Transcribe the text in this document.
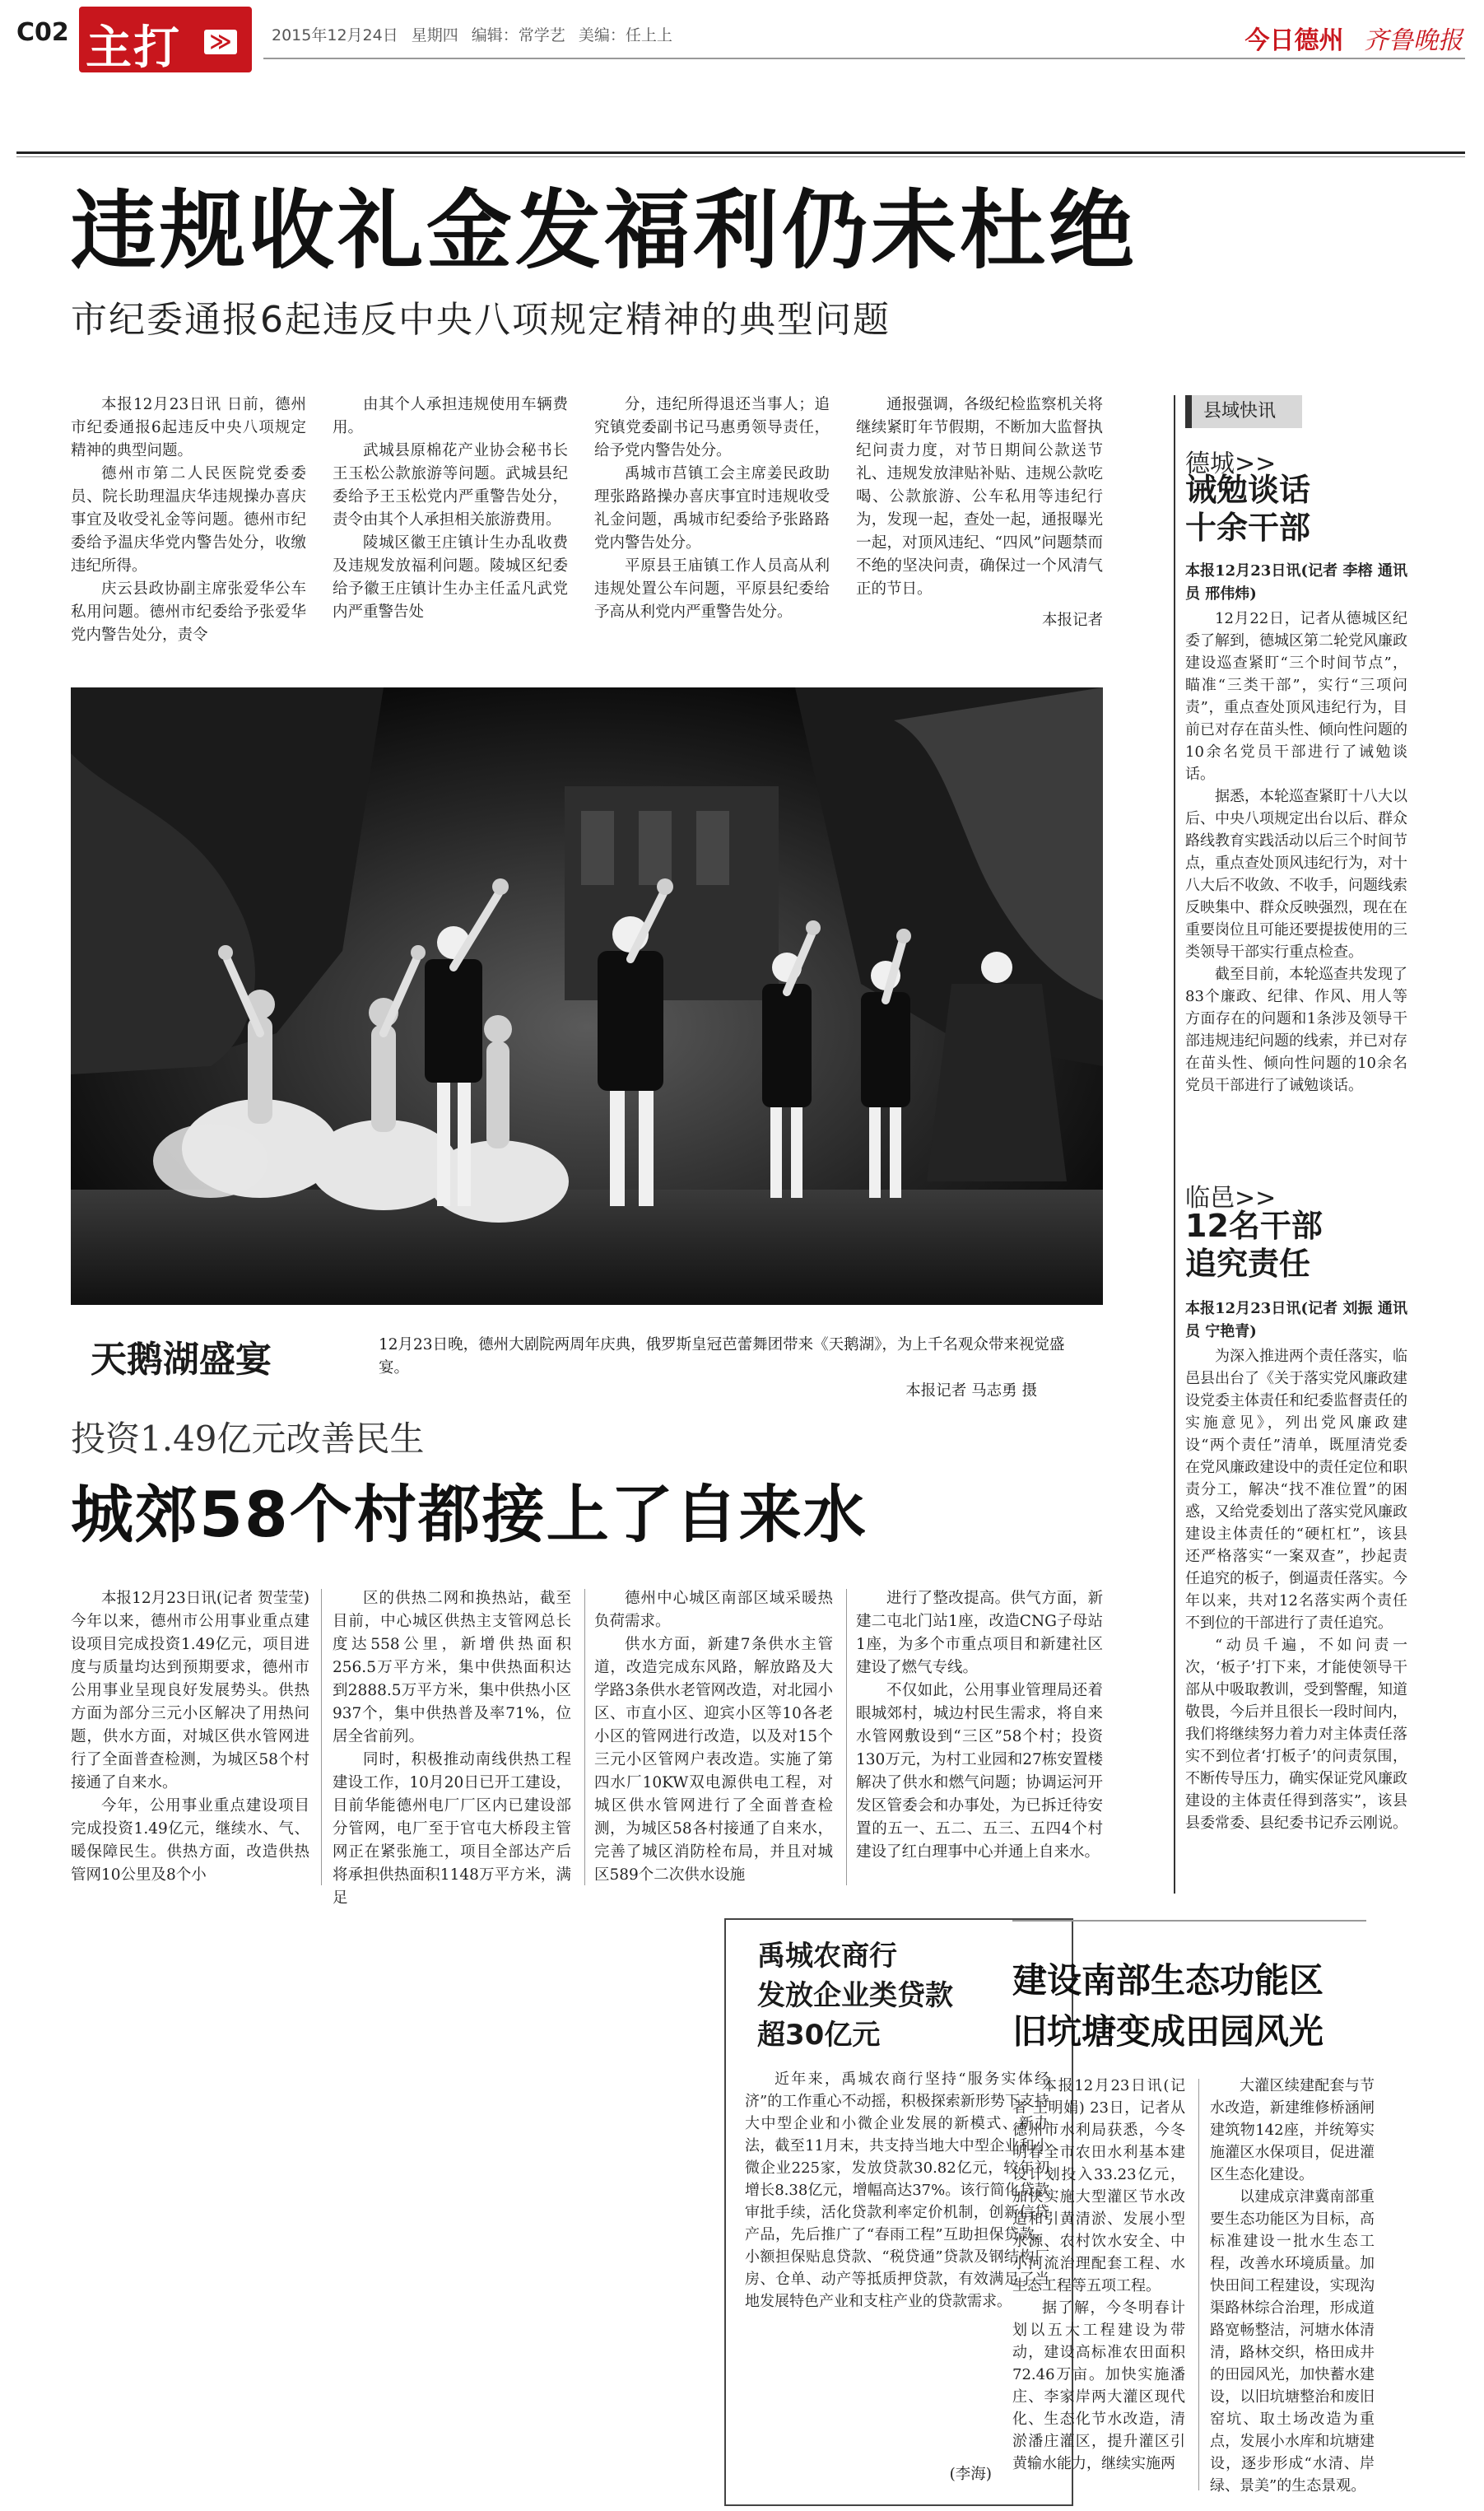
C02 主打 ≫	2015年12月24日 星期四 编辑：常学艺 美编：任上上	今日德州 齐鲁晚报
违规收礼金发福利仍未杜绝
市纪委通报6起违反中央八项规定精神的典型问题

本报12月23日讯 日前，德州市纪委通报6起违反中央八项规定精神的典型问题。

德州市第二人民医院党委委员、院长助理温庆华违规操办喜庆事宜及收受礼金等问题。德州市纪委给予温庆华党内警告处分，收缴违纪所得。

庆云县政协副主席张爱华公车私用问题。德州市纪委给予张爱华党内警告处分，责令

由其个人承担违规使用车辆费用。

武城县原棉花产业协会秘书长王玉松公款旅游等问题。武城县纪委给予王玉松党内严重警告处分，责令由其个人承担相关旅游费用。

陵城区徽王庄镇计生办乱收费及违规发放福利问题。陵城区纪委给予徽王庄镇计生办主任孟凡武党内严重警告处

分，违纪所得退还当事人；追究镇党委副书记马惠勇领导责任，给予党内警告处分。

禹城市莒镇工会主席姜民政助理张路路操办喜庆事宜时违规收受礼金问题，禹城市纪委给予张路路党内警告处分。

平原县王庙镇工作人员高从利违规处置公车问题，平原县纪委给予高从利党内严重警告处分。

通报强调，各级纪检监察机关将继续紧盯年节假期，不断加大监督执纪问责力度，对节日期间公款送节礼、违规发放津贴补贴、违规公款吃喝、公款旅游、公车私用等违纪行为，发现一起，查处一起，通报曝光一起，对顶风违纪、“四风”问题禁而不绝的坚决问责，确保过一个风清气正的节日。

本报记者
天鹅湖盛宴	12月23日晚，德州大剧院两周年庆典，俄罗斯皇冠芭蕾舞团带来《天鹅湖》，为上千名观众带来视觉盛宴。
本报记者 马志勇 摄
投资1.49亿元改善民生
城郊58个村都接上了自来水

本报12月23日讯(记者 贺莹莹) 今年以来，德州市公用事业重点建设项目完成投资1.49亿元，项目进度与质量均达到预期要求，德州市公用事业呈现良好发展势头。供热方面为部分三元小区解决了用热问题，供水方面，对城区供水管网进行了全面普查检测，为城区58个村接通了自来水。

今年，公用事业重点建设项目完成投资1.49亿元，继续水、气、暖保障民生。供热方面，改造供热管网10公里及8个小

区的供热二网和换热站，截至目前，中心城区供热主支管网总长度达558公里，新增供热面积256.5万平方米，集中供热面积达到2888.5万平方米，集中供热小区937个，集中供热普及率71%，位居全省前列。

同时，积极推动南线供热工程建设工作，10月20日已开工建设，目前华能德州电厂厂区内已建设部分管网，电厂至于官屯大桥段主管网正在紧张施工，项目全部达产后将承担供热面积1148万平方米，满足

德州中心城区南部区域采暖热负荷需求。

供水方面，新建7条供水主管道，改造完成东风路，解放路及大学路3条供水老管网改造，对北园小区、市直小区、迎宾小区等10各老小区的管网进行改造，以及对15个三元小区管网户表改造。实施了第四水厂10KW双电源供电工程，对城区供水管网进行了全面普查检测，为城区58各村接通了自来水，完善了城区消防栓布局，并且对城区589个二次供水设施

进行了整改提高。供气方面，新建二屯北门站1座，改造CNG子母站1座，为多个市重点项目和新建社区建设了燃气专线。

不仅如此，公用事业管理局还着眼城郊村，城边村民生需求，将自来水管网敷设到“三区”58个村；投资130万元，为村工业园和27栋安置楼解决了供水和燃气问题；协调运河开发区管委会和办事处，为已拆迁待安置的五一、五二、五三、五四4个村建设了红白理事中心并通上自来水。

禹城农商行
发放企业类贷款
超30亿元

近年来，禹城农商行坚持“服务实体经济”的工作重心不动摇，积极探索新形势下支持大中型企业和小微企业发展的新模式、新办法，截至11月末，共支持当地大中型企业和小微企业225家，发放贷款30.82亿元，较年初增长8.38亿元，增幅高达37%。该行简化贷款审批手续，活化贷款利率定价机制，创新信贷产品，先后推广了“春雨工程”互助担保贷款、小额担保贴息贷款、“税贷通”贷款及钢结构厂房、仓单、动产等抵质押贷款，有效满足了当地发展特色产业和支柱产业的贷款需求。

(李海)
建设南部生态功能区
旧坑塘变成田园风光

本报12月23日讯(记者 王明娟) 23日，记者从德州市水利局获悉，今冬明春全市农田水利基本建设计划投入33.23亿元，加快实施大型灌区节水改造和引黄清淤、发展小型水源、农村饮水安全、中小河流治理配套工程、水生态工程等五项工程。

据了解，今冬明春计划以五大工程建设为带动，建设高标准农田面积72.46万亩。加快实施潘庄、李家岸两大灌区现代化、生态化节水改造，清淤潘庄灌区，提升灌区引黄输水能力，继续实施两

大灌区续建配套与节水改造，新建维修桥涵闸建筑物142座，并统筹实施灌区水保项目，促进灌区生态化建设。

以建成京津冀南部重要生态功能区为目标，高标准建设一批水生态工程，改善水环境质量。加快田间工程建设，实现沟渠路林综合治理，形成道路宽畅整洁，河塘水体清清，路林交织，格田成井的田园风光，加快蓄水建设，以旧坑塘整治和废旧窑坑、取土场改造为重点，发展小水库和坑塘建设，逐步形成“水清、岸绿、景美”的生态景观。

县域快讯
德城>>
诫勉谈话
十余干部
本报12月23日讯(记者 李榕 通讯员 邢伟炜)

12月22日，记者从德城区纪委了解到，德城区第二轮党风廉政建设巡查紧盯“三个时间节点”，瞄准“三类干部”，实行“三项问责”，重点查处顶风违纪行为，目前已对存在苗头性、倾向性问题的10余名党员干部进行了诫勉谈话。

据悉，本轮巡查紧盯十八大以后、中央八项规定出台以后、群众路线教育实践活动以后三个时间节点，重点查处顶风违纪行为，对十八大后不收敛、不收手，问题线索反映集中、群众反映强烈，现在在重要岗位且可能还要提拔使用的三类领导干部实行重点检查。

截至目前，本轮巡查共发现了83个廉政、纪律、作风、用人等方面存在的问题和1条涉及领导干部违规违纪问题的线索，并已对存在苗头性、倾向性问题的10余名党员干部进行了诫勉谈话。

临邑>>
12名干部
追究责任
本报12月23日讯(记者 刘振 通讯员 宁艳青)

为深入推进两个责任落实，临邑县出台了《关于落实党风廉政建设党委主体责任和纪委监督责任的实施意见》，列出党风廉政建设“两个责任”清单，既厘清党委在党风廉政建设中的责任定位和职责分工，解决“找不准位置”的困惑，又给党委划出了落实党风廉政建设主体责任的“硬杠杠”，该县还严格落实“一案双查”，抄起责任追究的板子，倒逼责任落实。今年以来，共对12名落实两个责任不到位的干部进行了责任追究。

“动员千遍，不如问责一次，‘板子’打下来，才能使领导干部从中吸取教训，受到警醒，知道敬畏，今后并且很长一段时间内，我们将继续努力着力对主体责任落实不到位者‘打板子’的问责氛围，不断传导压力，确实保证党风廉政建设的主体责任得到落实”，该县县委常委、县纪委书记乔云刚说。
